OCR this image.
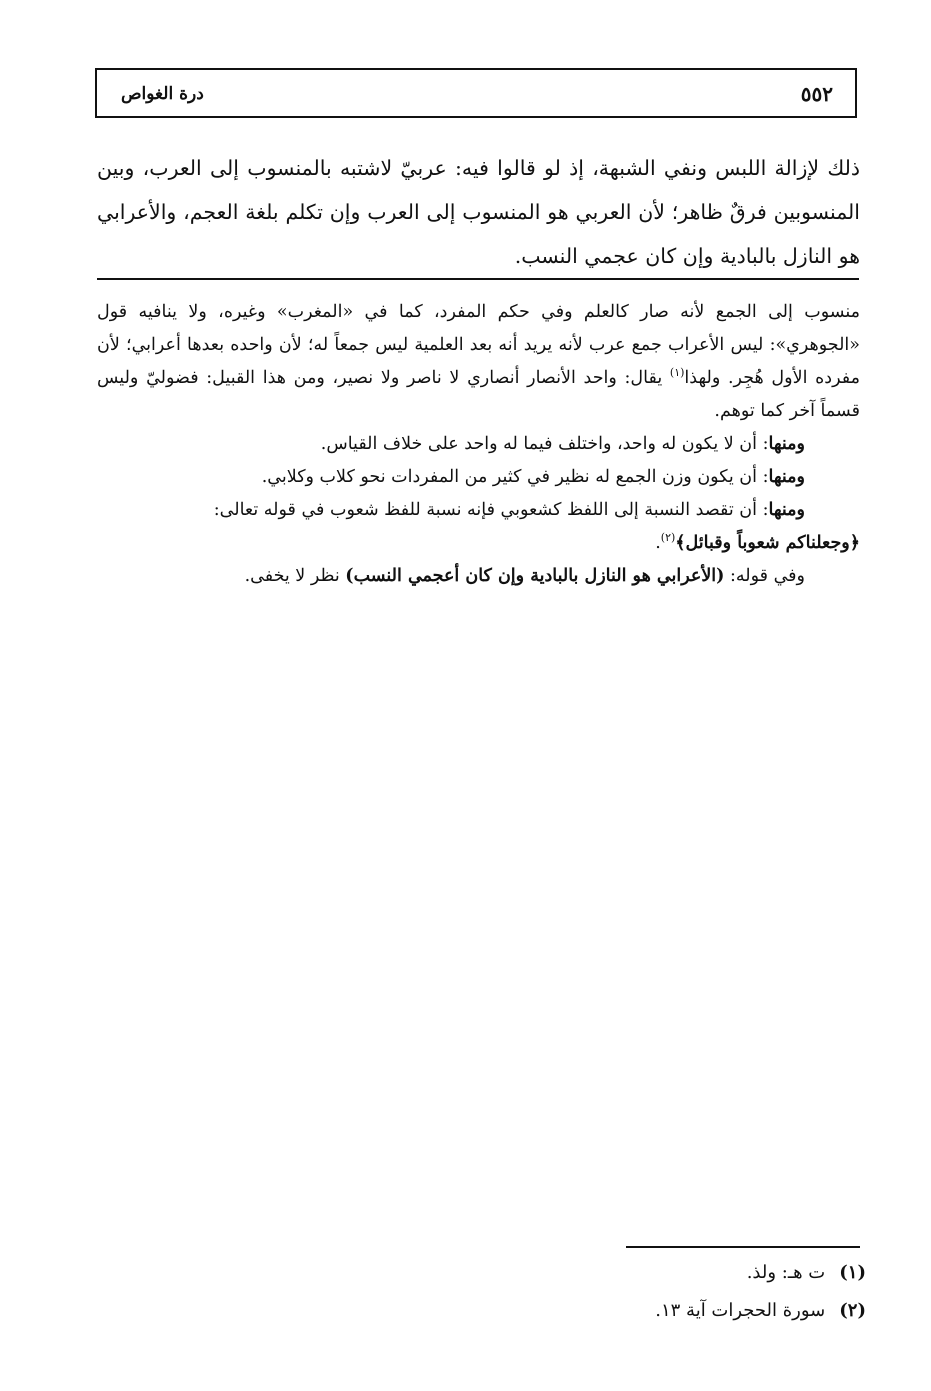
٥٥٢
درة الغواص

ذلك لإزالة اللبس ونفي الشبهة، إذ لو قالوا فيه: عربيّ لاشتبه بالمنسوب إلى العرب، وبين المنسوبين فرقٌ ظاهر؛ لأن العربي هو المنسوب إلى العرب وإن تكلم بلغة العجم، والأعرابي هو النازل بالبادية وإن كان عجمي النسب.

منسوب إلى الجمع لأنه صار كالعلم وفي حكم المفرد، كما في «المغرب» وغيره، ولا ينافيه قول «الجوهري»: ليس الأعراب جمع عرب لأنه يريد أنه بعد العلمية ليس جمعاً له؛ لأن واحده بعدها أعرابي؛ لأن مفرده الأول هُجِر. ولهذا$^{(١)}$ يقال: واحد الأنصار أنصاري لا ناصر ولا نصير، ومن هذا القبيل: فضوليّ وليس قسماً آخر كما توهم.

ومنها: أن لا يكون له واحد، واختلف فيما له واحد على خلاف القياس.

ومنها: أن يكون وزن الجمع له نظير في كثير من المفردات نحو كلاب وكلابي.

ومنها: أن تقصد النسبة إلى اللفظ كشعوبي فإنه نسبة للفظ شعوب في قوله تعالى:

﴿وجعلناكم شعوباً وقبائل﴾$^{(٢)}$.

وفي قوله: (الأعرابي هو النازل بالبادية وإن كان أعجمي النسب) نظر لا يخفى.

(١)ت هـ: ولذ.

(٢)سورة الحجرات آية ١٣.
